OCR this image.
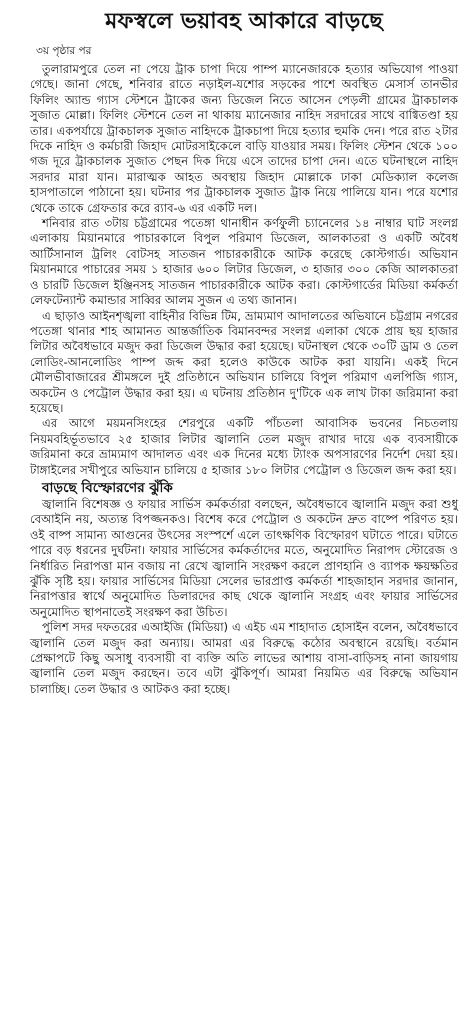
মফস্বলে ভয়াবহ আকারে বাড়ছে
৩য় পৃষ্ঠার পর

তুলারামপুরে তেল না পেয়ে ট্রাক চাপা দিয়ে পাম্প ম্যানেজারকে হত্যার অভিযোগ পাওয়া গেছে। জানা গেছে, শনিবার রাতে নড়াইল-যশোর সড়কের পাশে অবস্থিত মেসার্স তানভীর ফিলিং অ্যান্ড গ্যাস স্টেশনে ট্রাকের জন্য ডিজেল নিতে আসেন পেড়লী গ্রামের ট্রাকচালক সুজাত মোল্লা। ফিলিং স্টেশনে তেল না থাকায় ম্যানেজার নাহিদ সরদারের সাথে বাগ্বিতণ্ডা হয় তার। একপর্যায়ে ট্রাকচালক সুজাত নাহিদকে ট্রাকচাপা দিয়ে হত্যার হুমকি দেন। পরে রাত ২টার দিকে নাহিদ ও কর্মচারী জিহাদ মোটরসাইকেলে বাড়ি যাওয়ার সময়। ফিলিং স্টেশন থেকে ১০০ গজ দূরে ট্রাকচালক সুজাত পেছন দিক দিয়ে এসে তাদের চাপা দেন। এতে ঘটনাস্থলে নাহিদ সরদার মারা যান। মারাত্মক আহত অবস্থায় জিহাদ মোল্লাকে ঢাকা মেডিক্যাল কলেজ হাসপাতালে পাঠানো হয়। ঘটনার পর ট্রাকচালক সুজাত ট্রাক নিয়ে পালিয়ে যান। পরে যশোর থেকে তাকে গ্রেফতার করে র‍্যাব-৬ এর একটি দল।

শনিবার রাত ৩টায় চট্টগ্রামের পতেঙ্গা থানাধীন কর্ণফুলী চ্যানেলের ১৪ নাম্বার ঘাট সংলগ্ন এলাকায় মিয়ানমারে পাচারকালে বিপুল পরিমাণ ডিজেল, আলকাতরা ও একটি অবৈধ আর্টিসানাল ট্রলিং বোটসহ সাতজন পাচারকারীকে আটক করেছে কোস্টগার্ড। অভিযান মিয়ানমারে পাচারের সময় ১ হাজার ৬০০ লিটার ডিজেল, ৩ হাজার ৩০০ কেজি আলকাতরা ও চারটি ডিজেল ইঞ্জিনসহ সাতজন পাচারকারীকে আটক করা। কোস্টগার্ডের মিডিয়া কর্মকর্তা লেফটেন্যান্ট কমান্ডার সাব্বির আলম সুজন এ তথ্য জানান।

এ ছাড়াও আইনশৃঙ্খলা বাহিনীর বিভিন্ন টিম, ভ্রাম্যমাণ আদালতের অভিযানে চট্টগ্রাম নগরের পতেঙ্গা থানার শাহ আমানত আন্তর্জাতিক বিমানবন্দর সংলগ্ন এলাকা থেকে প্রায় ছয় হাজার লিটার অবৈধভাবে মজুদ করা ডিজেল উদ্ধার করা হয়েছে। ঘটনাস্থল থেকে ৩০টি ড্রাম ও তেল লোডিং-আনলোডিং পাম্প জব্দ করা হলেও কাউকে আটক করা যায়নি। একই দিনে মৌলভীবাজারের শ্রীমঙ্গলে দুই প্রতিষ্ঠানে অভিযান চালিয়ে বিপুল পরিমাণ এলপিজি গ্যাস, অকটেন ও পেট্রোল উদ্ধার করা হয়। এ ঘটনায় প্রতিষ্ঠান দু'টিকে এক লাখ টাকা জরিমানা করা হয়েছে।

এর আগে ময়মনসিংহের শেরপুরে একটি পাঁচতলা আবাসিক ভবনের নিচতলায় নিয়মবহির্ভূতভাবে ২৫ হাজার লিটার জ্বালানি তেল মজুদ রাখার দায়ে এক ব্যবসায়ীকে জরিমানা করে ভ্রাম্যমাণ আদালত এবং এক দিনের মধ্যে ট্যাংক অপসারণের নির্দেশ দেয়া হয়। টাঙ্গাইলের সখীপুরে অভিযান চালিয়ে ৫ হাজার ১৮০ লিটার পেট্রোল ও ডিজেল জব্দ করা হয়।

বাড়ছে বিস্ফোরণের ঝুঁকি

জ্বালানি বিশেষজ্ঞ ও ফায়ার সার্ভিস কর্মকর্তারা বলছেন, অবৈধভাবে জ্বালানি মজুদ করা শুধু বেআইনি নয়, অত্যন্ত বিপজ্জনকও। বিশেষ করে পেট্রোল ও অকটেন দ্রুত বাষ্পে পরিণত হয়। ওই বাষ্প সামান্য আগুনের উৎসের সংস্পর্শে এলে তাৎক্ষণিক বিস্ফোরণ ঘটাতে পারে। ঘটাতে পারে বড় ধরনের দুর্ঘটনা। ফায়ার সার্ভিসের কর্মকর্তাদের মতে, অনুমোদিত নিরাপদ স্টোরেজ ও নির্ধারিত নিরাপত্তা মান বজায় না রেখে জ্বালানি সংরক্ষণ করলে প্রাণহানি ও ব্যাপক ক্ষয়ক্ষতির ঝুঁকি সৃষ্টি হয়। ফায়ার সার্ভিসের মিডিয়া সেলের ভারপ্রাপ্ত কর্মকর্তা শাহজাহান সরদার জানান, নিরাপত্তার স্বার্থে অনুমোদিত ডিলারদের কাছ থেকে জ্বালানি সংগ্রহ এবং ফায়ার সার্ভিসের অনুমোদিত স্থাপনাতেই সংরক্ষণ করা উচিত।

পুলিশ সদর দফতরের এআইজি (মিডিয়া) এ এইচ এম শাহাদাত হোসাইন বলেন, অবৈধভাবে জ্বালানি তেল মজুদ করা অন্যায়। আমরা এর বিরুদ্ধে কঠোর অবস্থানে রয়েছি। বর্তমান প্রেক্ষাপটে কিছু অসাধু ব্যবসায়ী বা ব্যক্তি অতি লাভের আশায় বাসা-বাড়িসহ নানা জায়গায় জ্বালানি তেল মজুদ করছেন। তবে এটা ঝুঁকিপূর্ণ। আমরা নিয়মিত এর বিরুদ্ধে অভিযান চালাচ্ছি। তেল উদ্ধার ও আটকও করা হচ্ছে।
